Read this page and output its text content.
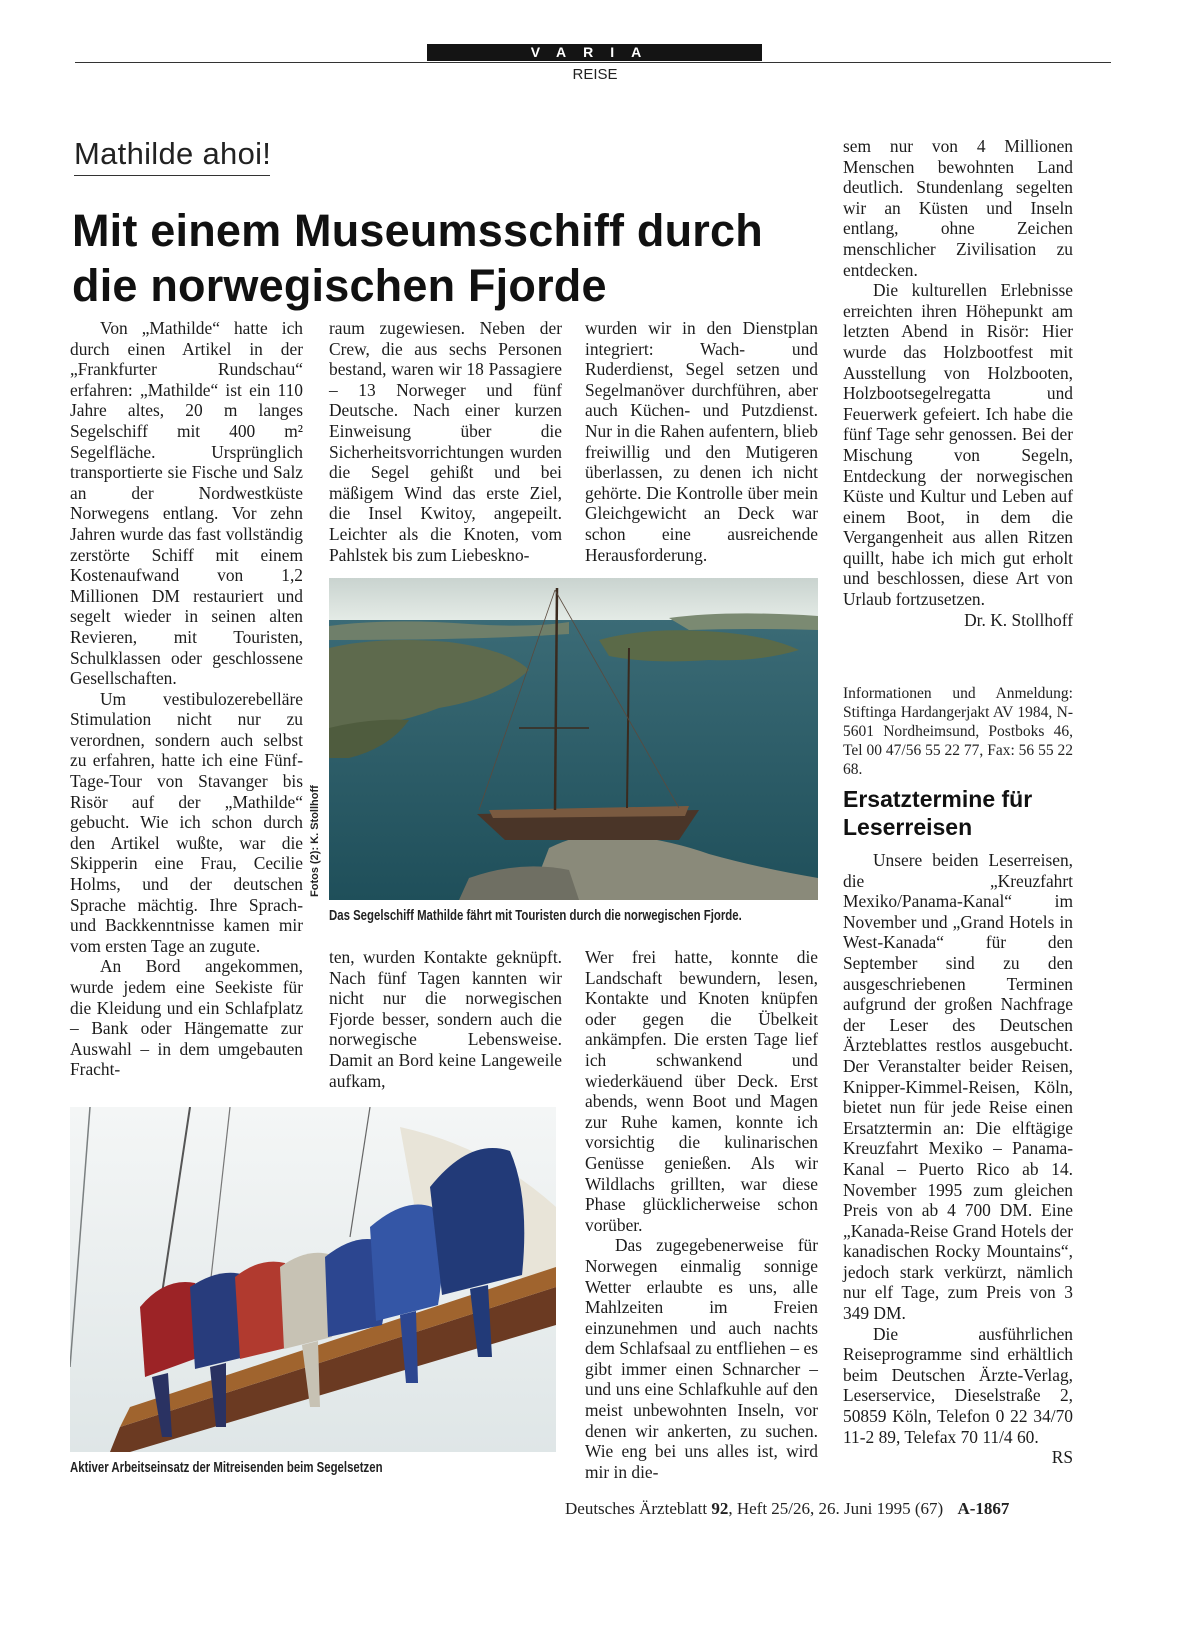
VARIA
REISE
Mathilde ahoi!
Mit einem Museumsschiff durch die norwegischen Fjorde

Von „Mathilde“ hatte ich durch einen Artikel in der „Frankfurter Rundschau“ erfahren: „Mathilde“ ist ein 110 Jahre altes, 20 m langes Segelschiff mit 400 m² Segelfläche. Ursprünglich transportierte sie Fische und Salz an der Nordwestküste Norwegens entlang. Vor zehn Jahren wurde das fast vollständig zerstörte Schiff mit einem Kostenaufwand von 1,2 Millionen DM restauriert und segelt wieder in seinen alten Revieren, mit Touristen, Schulklassen oder geschlossene Gesellschaften.

Um vestibulozerebelläre Stimulation nicht nur zu verordnen, sondern auch selbst zu erfahren, hatte ich eine Fünf-Tage-Tour von Stavanger bis Risör auf der „Mathilde“ gebucht. Wie ich schon durch den Artikel wußte, war die Skipperin eine Frau, Cecilie Holms, und der deutschen Sprache mächtig. Ihre Sprach- und Backkenntnisse kamen mir vom ersten Tage an zugute.

An Bord angekommen, wurde jedem eine Seekiste für die Kleidung und ein Schlafplatz – Bank oder Hängematte zur Auswahl – in dem umgebauten Fracht-

raum zugewiesen. Neben der Crew, die aus sechs Personen bestand, waren wir 18 Passagiere – 13 Norweger und fünf Deutsche. Nach einer kurzen Einweisung über die Sicherheitsvorrichtungen wurden die Segel gehißt und bei mäßigem Wind das erste Ziel, die Insel Kwitoy, angepeilt. Leichter als die Knoten, vom Pahlstek bis zum Liebeskno-

wurden wir in den Dienstplan integriert: Wach- und Ruderdienst, Segel setzen und Segelmanöver durchführen, aber auch Küchen- und Putzdienst. Nur in die Rahen aufentern, blieb freiwillig und den Mutigeren überlassen, zu denen ich nicht gehörte. Die Kontrolle über mein Gleichgewicht an Deck war schon eine ausreichende Herausforderung.

Fotos (2): K. Stollhoff
Das Segelschiff Mathilde fährt mit Touristen durch die norwegischen Fjorde.

ten, wurden Kontakte geknüpft. Nach fünf Tagen kannten wir nicht nur die norwegischen Fjorde besser, sondern auch die norwegische Lebensweise. Damit an Bord keine Langeweile aufkam,

Wer frei hatte, konnte die Landschaft bewundern, lesen, Kontakte und Knoten knüpfen oder gegen die Übelkeit ankämpfen. Die ersten Tage lief ich schwankend und wiederkäuend über Deck. Erst abends, wenn Boot und Magen zur Ruhe kamen, konnte ich vorsichtig die kulinarischen Genüsse genießen. Als wir Wildlachs grillten, war diese Phase glücklicherweise schon vorüber.

Das zugegebenerweise für Norwegen einmalig sonnige Wetter erlaubte es uns, alle Mahlzeiten im Freien einzunehmen und auch nachts dem Schlafsaal zu entfliehen – es gibt immer einen Schnarcher – und uns eine Schlafkuhle auf den meist unbewohnten Inseln, vor denen wir ankerten, zu suchen. Wie eng bei uns alles ist, wird mir in die-

Aktiver Arbeitseinsatz der Mitreisenden beim Segelsetzen

sem nur von 4 Millionen Menschen bewohnten Land deutlich. Stundenlang segelten wir an Küsten und Inseln entlang, ohne Zeichen menschlicher Zivilisation zu entdecken.

Die kulturellen Erlebnisse erreichten ihren Höhepunkt am letzten Abend in Risör: Hier wurde das Holzbootfest mit Ausstellung von Holzbooten, Holzbootsegelregatta und Feuerwerk gefeiert. Ich habe die fünf Tage sehr genossen. Bei der Mischung von Segeln, Entdeckung der norwegischen Küste und Kultur und Leben auf einem Boot, in dem die Vergangenheit aus allen Ritzen quillt, habe ich mich gut erholt und beschlossen, diese Art von Urlaub fortzusetzen.

Dr. K. Stollhoff

Informationen und Anmeldung: Stiftinga Hardangerjakt AV 1984, N-5601 Nordheimsund, Postboks 46, Tel 00 47/56 55 22 77, Fax: 56 55 22 68.
Ersatztermine für Leserreisen

Unsere beiden Leserreisen, die „Kreuzfahrt Mexiko/Panama-Kanal“ im November und „Grand Hotels in West-Kanada“ für den September sind zu den ausgeschriebenen Terminen aufgrund der großen Nachfrage der Leser des Deutschen Ärzteblattes restlos ausgebucht. Der Veranstalter beider Reisen, Knipper-Kimmel-Reisen, Köln, bietet nun für jede Reise einen Ersatztermin an: Die elftägige Kreuzfahrt Mexiko – Panama-Kanal – Puerto Rico ab 14. November 1995 zum gleichen Preis von ab 4 700 DM. Eine „Kanada-Reise Grand Hotels der kanadischen Rocky Mountains“, jedoch stark verkürzt, nämlich nur elf Tage, zum Preis von 3 349 DM.

Die ausführlichen Reiseprogramme sind erhältlich beim Deutschen Ärzte-Verlag, Leserservice, Dieselstraße 2, 50859 Köln, Telefon 0 22 34/70 11-2 89, Telefax 70 11/4 60.

RS

Deutsches Ärzteblatt 92, Heft 25/26, 26. Juni 1995 (67) A-1867
